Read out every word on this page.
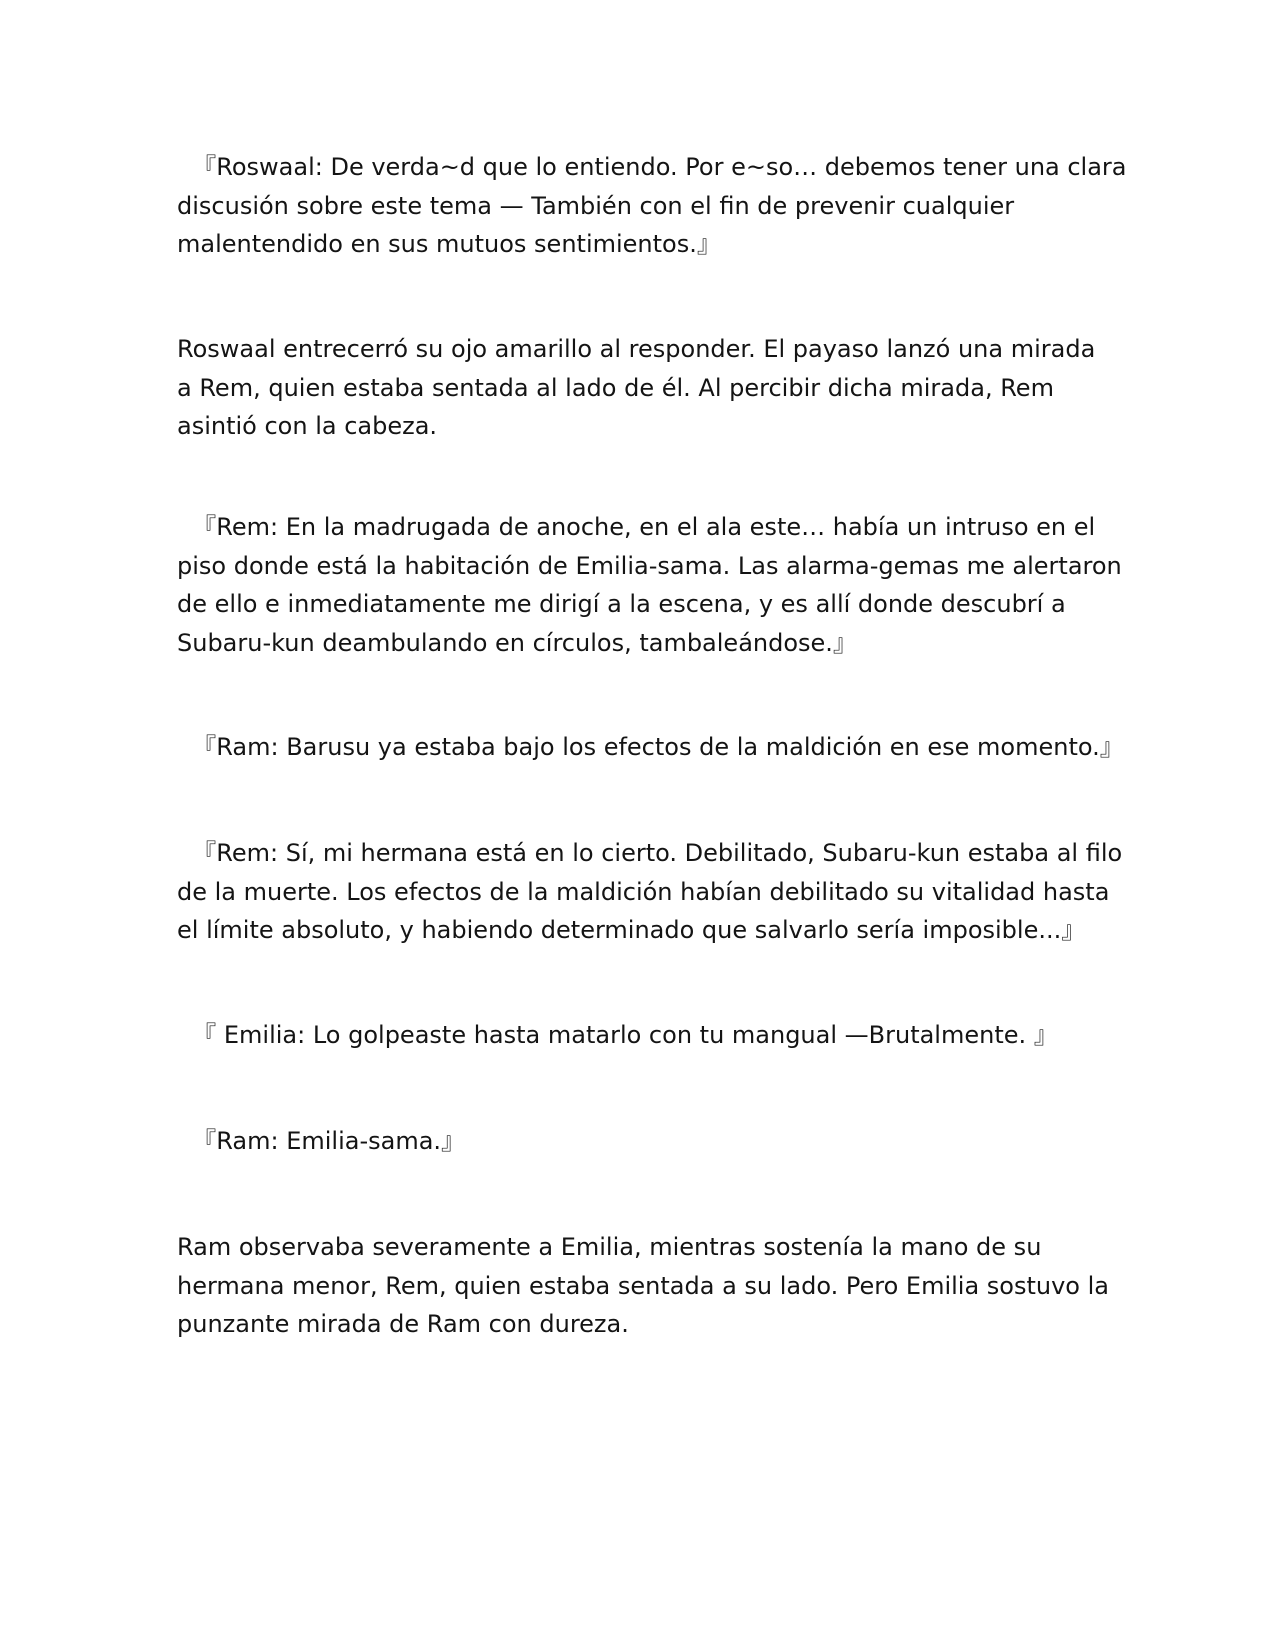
『Roswaal: De verda~d que lo entiendo. Por e~so… debemos tener una clara
discusión sobre este tema — También con el fin de prevenir cualquier
malentendido en sus mutuos sentimientos.』

Roswaal entrecerró su ojo amarillo al responder. El payaso lanzó una mirada
a Rem, quien estaba sentada al lado de él. Al percibir dicha mirada, Rem
asintió con la cabeza.

『Rem: En la madrugada de anoche, en el ala este… había un intruso en el
piso donde está la habitación de Emilia-sama. Las alarma-gemas me alertaron
de ello e inmediatamente me dirigí a la escena, y es allí donde descubrí a
Subaru-kun deambulando en círculos, tambaleándose.』

『Ram: Barusu ya estaba bajo los efectos de la maldición en ese momento.』

『Rem: Sí, mi hermana está en lo cierto. Debilitado, Subaru-kun estaba al filo
de la muerte. Los efectos de la maldición habían debilitado su vitalidad hasta
el límite absoluto, y habiendo determinado que salvarlo sería imposible...』

『 Emilia: Lo golpeaste hasta matarlo con tu mangual —Brutalmente. 』

『Ram: Emilia-sama.』

Ram observaba severamente a Emilia, mientras sostenía la mano de su
hermana menor, Rem, quien estaba sentada a su lado. Pero Emilia sostuvo la
punzante mirada de Ram con dureza.
